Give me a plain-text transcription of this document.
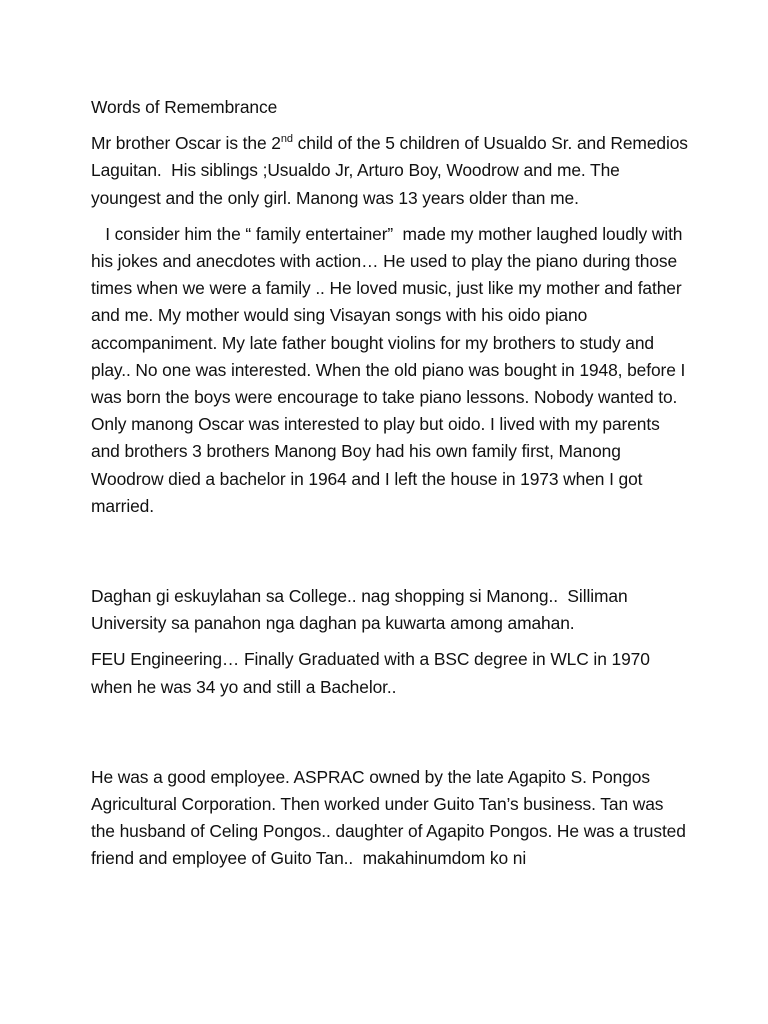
Words of Remembrance

Mr brother Oscar is the 2nd child of the 5 children of Usualdo Sr. and Remedios Laguitan.  His siblings ;Usualdo Jr, Arturo Boy, Woodrow and me. The youngest and the only girl. Manong was 13 years older than me.

I consider him the “ family entertainer”  made my mother laughed loudly with his jokes and anecdotes with action… He used to play the piano during those times when we were a family .. He loved music, just like my mother and father and me. My mother would sing Visayan songs with his oido piano accompaniment. My late father bought violins for my brothers to study and play.. No one was interested. When the old piano was bought in 1948, before I was born the boys were encourage to take piano lessons. Nobody wanted to. Only manong Oscar was interested to play but oido. I lived with my parents and brothers 3 brothers Manong Boy had his own family first, Manong Woodrow died a bachelor in 1964 and I left the house in 1973 when I got married.

Daghan gi eskuylahan sa College.. nag shopping si Manong..  Silliman University sa panahon nga daghan pa kuwarta among amahan.

FEU Engineering… Finally Graduated with a BSC degree in WLC in 1970 when he was 34 yo and still a Bachelor..

He was a good employee. ASPRAC owned by the late Agapito S. Pongos Agricultural Corporation. Then worked under Guito Tan’s business. Tan was the husband of Celing Pongos.. daughter of Agapito Pongos. He was a trusted friend and employee of Guito Tan..  makahinumdom ko ni
